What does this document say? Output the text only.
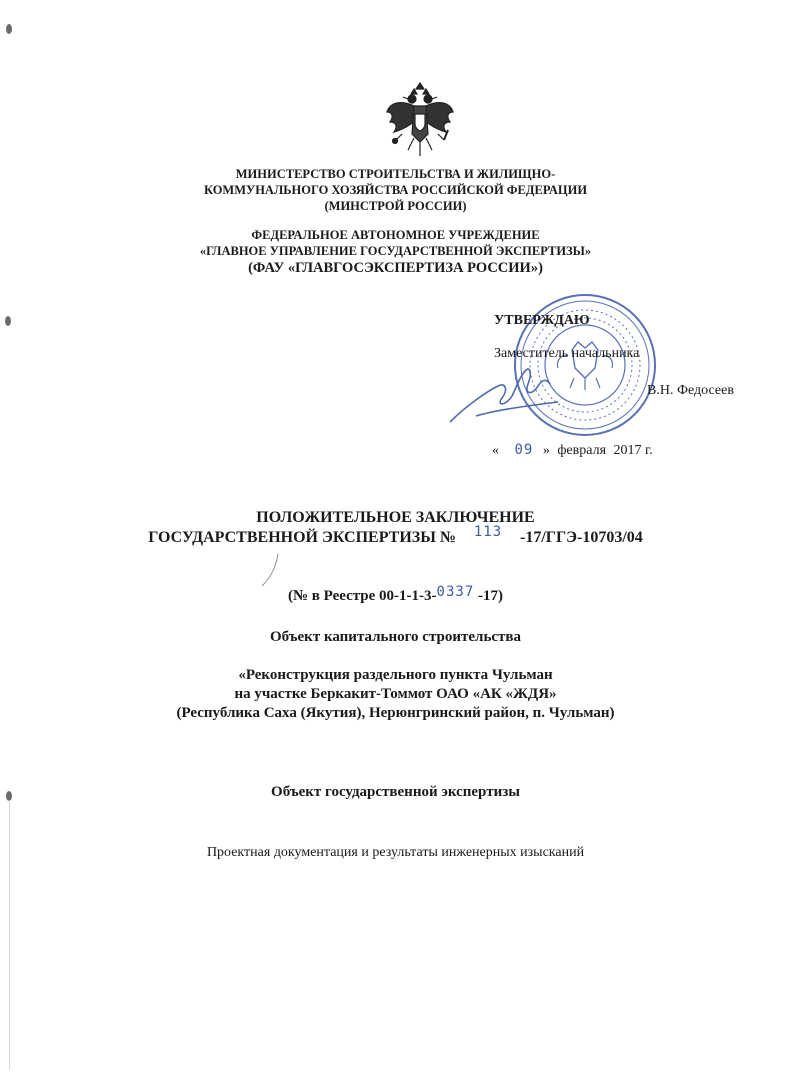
МИНИСТЕРСТВО СТРОИТЕЛЬСТВА И ЖИЛИЩНО-
КОММУНАЛЬНОГО ХОЗЯЙСТВА РОССИЙСКОЙ ФЕДЕРАЦИИ
(МИНСТРОЙ РОССИИ)
ФЕДЕРАЛЬНОЕ АВТОНОМНОЕ УЧРЕЖДЕНИЕ
«ГЛАВНОЕ УПРАВЛЕНИЕ ГОСУДАРСТВЕННОЙ ЭКСПЕРТИЗЫ»
(ФАУ «ГЛАВГОСЭКСПЕРТИЗА РОССИИ»)
УТВЕРЖДАЮ
Заместитель начальника
В.Н. Федосеев
« 09 » февраля 2017 г.
ПОЛОЖИТЕЛЬНОЕ ЗАКЛЮЧЕНИЕ
ГОСУДАРСТВЕННОЙ ЭКСПЕРТИЗЫ № 113 -17/ГГЭ-10703/04
(№ в Реестре 00-1-1-3-0337 -17)
Объект капитального строительства
«Реконструкция раздельного пункта Чульман
на участке Беркакит-Томмот ОАО «АК «ЖДЯ»
(Республика Саха (Якутия), Нерюнгринский район, п. Чульман)
Объект государственной экспертизы
Проектная документация и результаты инженерных изысканий
